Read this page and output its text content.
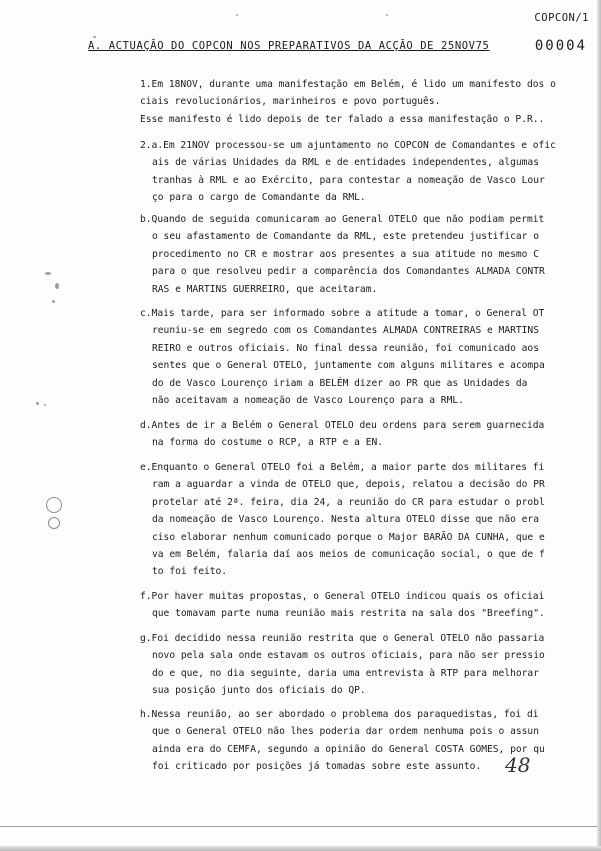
COPCON/1
00004
A. ACTUAÇÃO DO COPCON NOS PREPARATIVOS DA ACÇÃO DE 25NOV75
1.Em 18NOV, durante uma manifestação em Belém, é lido um manifesto dos o
ciais revolucionários, marinheiros e povo português.
Esse manifesto é lido depois de ter falado a essa manifestação o P.R..
2.a.Em 21NOV processou-se um ajuntamento no COPCON de Comandantes e ofic
ais de várias Unidades da RML e de entidades independentes, algumas
tranhas à RML e ao Exército, para contestar a nomeação de Vasco Lour
ço para o cargo de Comandante da RML.
b.Quando de seguida comunicaram ao General OTELO que não podiam permit
o seu afastamento de Comandante da RML, este pretendeu justificar o
procedimento no CR e mostrar aos presentes a sua atitude no mesmo C
para o que resolveu pedir a comparência dos Comandantes ALMADA CONTR
RAS e MARTINS GUERREIRO, que aceitaram.
c.Mais tarde, para ser informado sobre a atitude a tomar, o General OT
reuniu-se em segredo com os Comandantes ALMADA CONTREIRAS e MARTINS
REIRO e outros oficiais. No final dessa reunião, foi comunicado aos
sentes que o General OTELO, juntamente com alguns militares e acompa
do de Vasco Lourenço iriam a BELÉM dizer ao PR que as Unidades da
não aceitavam a nomeação de Vasco Lourenço para a RML.
d.Antes de ir a Belém o General OTELO deu ordens para serem guarnecida
na forma do costume o RCP, a RTP e a EN.
e.Enquanto o General OTELO foi a Belém, a maior parte dos militares fi
ram a aguardar a vinda de OTELO que, depois, relatou a decisão do PR
protelar até 2ª. feira, dia 24, a reunião do CR para estudar o probl
da nomeação de Vasco Lourenço. Nesta altura OTELO disse que não era
ciso elaborar nenhum comunicado porque o Major BARÃO DA CUNHA, que e
va em Belém, falaria daí aos meios de comunicação social, o que de f
to foi feito.
f.Por haver muitas propostas, o General OTELO indicou quais os oficiai
que tomavam parte numa reunião mais restrita na sala dos "Breefing".
g.Foi decidido nessa reunião restrita que o General OTELO não passaria
novo pela sala onde estavam os outros oficiais, para não ser pressio
do e que, no dia seguinte, daria uma entrevista à RTP para melhorar
sua posição junto dos oficiais do QP.
h.Nessa reunião, ao ser abordado o problema dos paraquedistas, foi di
que o General OTELO não lhes poderia dar ordem nenhuma pois o assun
ainda era do CEMFA, segundo a opinião do General COSTA GOMES, por qu
foi criticado por posições já tomadas sobre este assunto.	48
